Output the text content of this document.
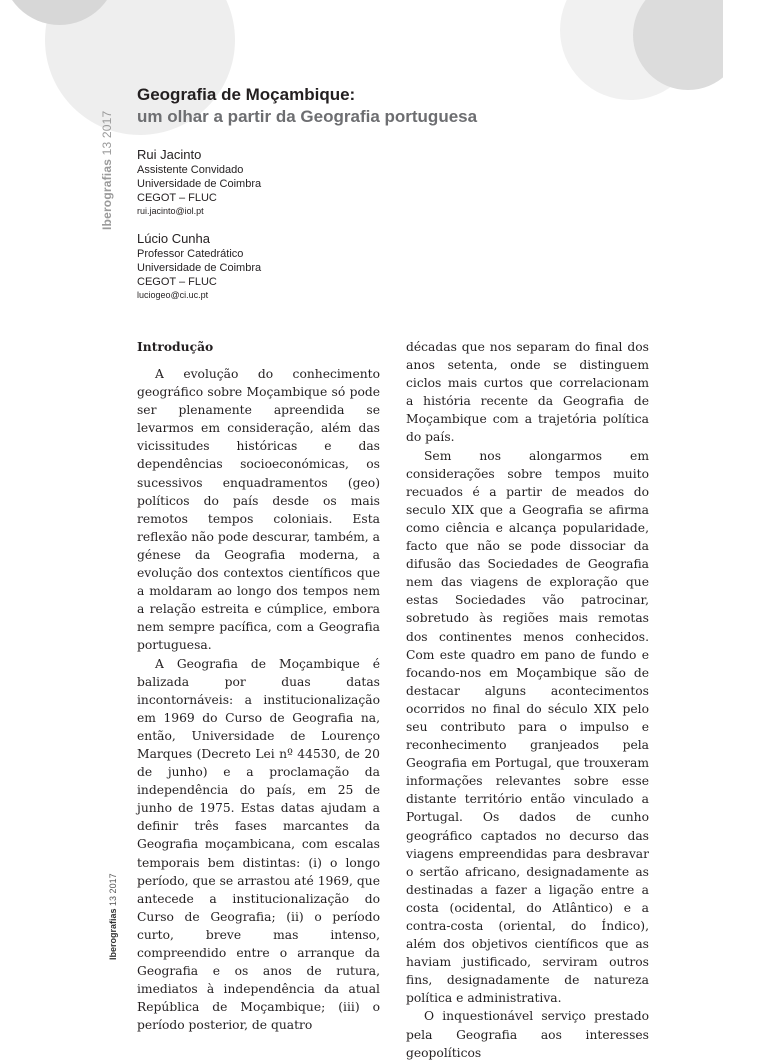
Iberografias 13 2017
Iberografias 13 2017
Geografia de Moçambique:
um olhar a partir da Geografia portuguesa
Rui Jacinto
Assistente Convidado
Universidade de Coimbra
CEGOT – FLUC
rui.jacinto@iol.pt
Lúcio Cunha
Professor Catedrático
Universidade de Coimbra
CEGOT – FLUC
luciogeo@ci.uc.pt
Introdução

A evolução do conhecimento geográfico sobre Moçambique só pode ser plenamente apreendida se levarmos em consideração, além das vicissitudes históricas e das dependências socioeconómicas, os sucessivos enquadramentos (geo) políticos do país desde os mais remotos tempos coloniais. Esta reflexão não pode descurar, também, a génese da Geografia moderna, a evolução dos contextos científicos que a moldaram ao longo dos tempos nem a relação estreita e cúmplice, embora nem sempre pacífica, com a Geografia portuguesa.

A Geografia de Moçambique é balizada por duas datas incontornáveis: a institucionalização em 1969 do Curso de Geografia na, então, Universidade de Lourenço Marques (Decreto Lei nº 44530, de 20 de junho) e a proclamação da independência do país, em 25 de junho de 1975. Estas datas ajudam a definir três fases marcantes da Geografia moçambicana, com escalas temporais bem distintas: (i) o longo período, que se arrastou até 1969, que antecede a institucionalização do Curso de Geografia; (ii) o período curto, breve mas intenso, compreendido entre o arranque da Geografia e os anos de rutura, imediatos à independência da atual República de Moçambique; (iii) o período posterior, de quatro

décadas que nos separam do final dos anos setenta, onde se distinguem ciclos mais curtos que correlacionam a história recente da Geografia de Moçambique com a trajetória política do país.

Sem nos alongarmos em considerações sobre tempos muito recuados é a partir de meados do seculo XIX que a Geografia se afirma como ciência e alcança popularidade, facto que não se pode dissociar da difusão das Sociedades de Geografia nem das viagens de exploração que estas Sociedades vão patrocinar, sobretudo às regiões mais remotas dos continentes menos conhecidos. Com este quadro em pano de fundo e focando-nos em Moçambique são de destacar alguns acontecimentos ocorridos no final do século XIX pelo seu contributo para o impulso e reconhecimento granjeados pela Geografia em Portugal, que trouxeram informações relevantes sobre esse distante território então vinculado a Portugal. Os dados de cunho geográfico captados no decurso das viagens empreendidas para desbravar o sertão africano, designadamente as destinadas a fazer a ligação entre a costa (ocidental, do Atlântico) e a contra-costa (oriental, do Índico), além dos objetivos científicos que as haviam justificado, serviram outros fins, designadamente de natureza política e administrativa.

O inquestionável serviço prestado pela Geografia aos interesses geopolíticos
